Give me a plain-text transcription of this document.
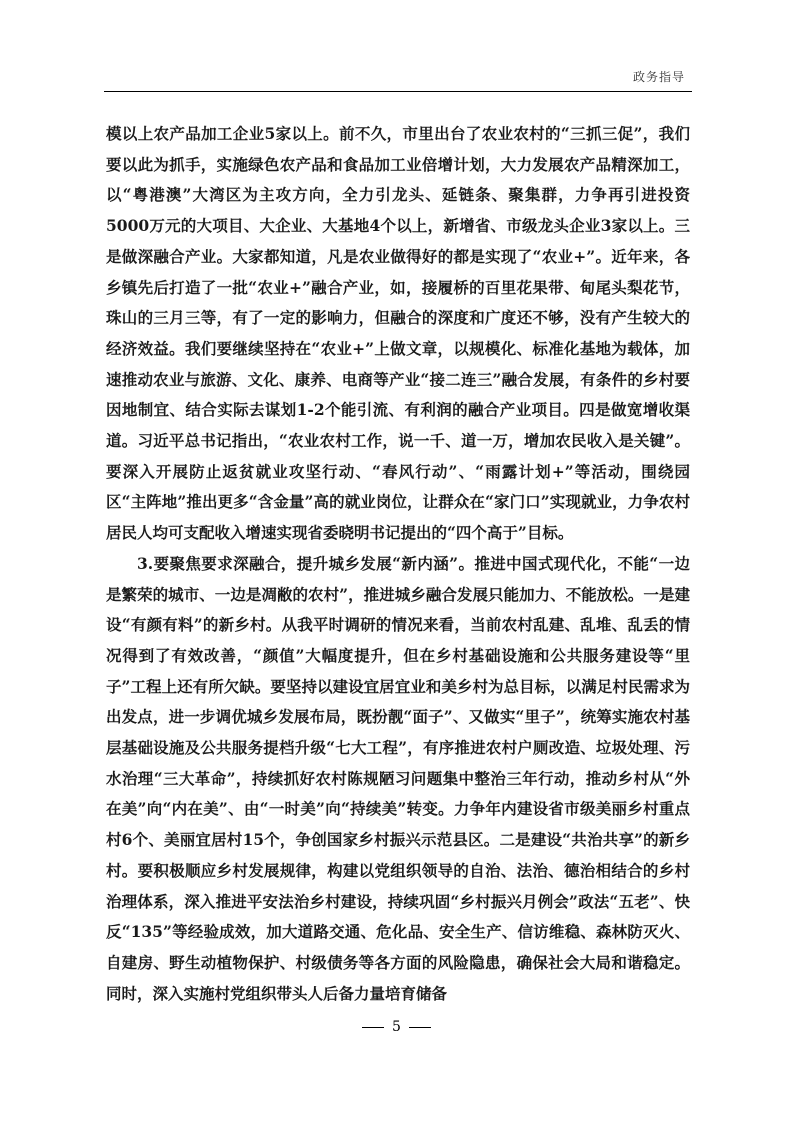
政务指导

模以上农产品加工企业5家以上。前不久，市里出台了农业农村的“三抓三促”，我们要以此为抓手，实施绿色农产品和食品加工业倍增计划，大力发展农产品精深加工，以“粤港澳”大湾区为主攻方向，全力引龙头、延链条、聚集群，力争再引进投资5000万元的大项目、大企业、大基地4个以上，新增省、市级龙头企业3家以上。三是做深融合产业。大家都知道，凡是农业做得好的都是实现了“农业+”。近年来，各乡镇先后打造了一批“农业+”融合产业，如，接履桥的百里花果带、甸尾头梨花节，珠山的三月三等，有了一定的影响力，但融合的深度和广度还不够，没有产生较大的经济效益。我们要继续坚持在“农业+”上做文章，以规模化、标准化基地为载体，加速推动农业与旅游、文化、康养、电商等产业“接二连三”融合发展，有条件的乡村要因地制宜、结合实际去谋划1-2个能引流、有利润的融合产业项目。四是做宽增收渠道。习近平总书记指出，“农业农村工作，说一千、道一万，增加农民收入是关键”。要深入开展防止返贫就业攻坚行动、“春风行动”、“雨露计划+”等活动，围绕园区“主阵地”推出更多“含金量”高的就业岗位，让群众在“家门口”实现就业，力争农村居民人均可支配收入增速实现省委晓明书记提出的“四个高于”目标。

3.要聚焦要求深融合，提升城乡发展“新内涵”。推进中国式现代化，不能“一边是繁荣的城市、一边是凋敝的农村”，推进城乡融合发展只能加力、不能放松。一是建设“有颜有料”的新乡村。从我平时调研的情况来看，当前农村乱建、乱堆、乱丢的情况得到了有效改善，“颜值”大幅度提升，但在乡村基础设施和公共服务建设等“里子”工程上还有所欠缺。要坚持以建设宜居宜业和美乡村为总目标，以满足村民需求为出发点，进一步调优城乡发展布局，既扮靓“面子”、又做实“里子”，统筹实施农村基层基础设施及公共服务提档升级“七大工程”，有序推进农村户厕改造、垃圾处理、污水治理“三大革命”，持续抓好农村陈规陋习问题集中整治三年行动，推动乡村从“外在美”向“内在美”、由“一时美”向“持续美”转变。力争年内建设省市级美丽乡村重点村6个、美丽宜居村15个，争创国家乡村振兴示范县区。二是建设“共治共享”的新乡村。要积极顺应乡村发展规律，构建以党组织领导的自治、法治、德治相结合的乡村治理体系，深入推进平安法治乡村建设，持续巩固“乡村振兴月例会”政法“五老”、快反“135”等经验成效，加大道路交通、危化品、安全生产、信访维稳、森林防灭火、自建房、野生动植物保护、村级债务等各方面的风险隐患，确保社会大局和谐稳定。同时，深入实施村党组织带头人后备力量培育储备

5
